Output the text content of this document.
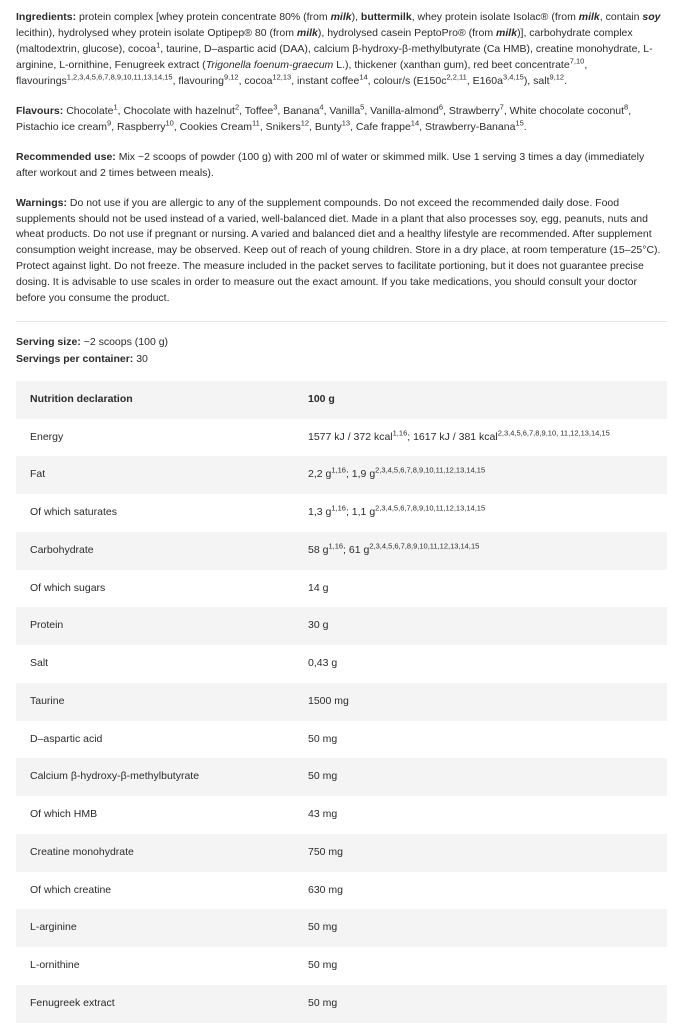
Ingredients: protein complex [whey protein concentrate 80% (from milk), buttermilk, whey protein isolate Isolac® (from milk, contain soy lecithin), hydrolysed whey protein isolate Optipep® 80 (from milk), hydrolysed casein PeptoPro® (from milk)], carbohydrate complex (maltodextrin, glucose), cocoa$^1$, taurine, D–aspartic acid (DAA), calcium β-hydroxy-β-methylbutyrate (Ca HMB), creatine monohydrate, L-arginine, L-ornithine, Fenugreek extract (Trigonella foenum-graecum L.), thickener (xanthan gum), red beet concentrate$^{7,10}$, flavourings$^{1,2,3,4,5,6,7,8,9,10,11,13,14,15}$, flavouring$^{9,12}$, cocoa$^{12,13}$, instant coffee$^{14}$, colour/s ($E150c^{2,2,11}$, $E160a^{3,4,15}$), salt$^{9,12}$.

Flavours: Chocolate$^1$, Chocolate with hazelnut$^2$, Toffee$^3$, Banana$^4$, Vanilla$^5$, Vanilla-almond$^6$, Strawberry$^7$, White chocolate coconut$^8$, Pistachio ice cream$^9$, Raspberry$^{10}$, Cookies Cream$^{11}$, Snikers$^{12}$, Bunty$^{13}$, Cafe frappe$^{14}$, Strawberry-Banana$^{15}$.

Recommended use: Mix ~2 scoops of powder (100 g) with 200 ml of water or skimmed milk. Use 1 serving 3 times a day (immediately after workout and 2 times between meals).

Warnings: Do not use if you are allergic to any of the supplement compounds. Do not exceed the recommended daily dose. Food supplements should not be used instead of a varied, well-balanced diet. Made in a plant that also processes soy, egg, peanuts, nuts and wheat products. Do not use if pregnant or nursing. A varied and balanced diet and a healthy lifestyle are recommended. After supplement consumption weight increase, may be observed. Keep out of reach of young children. Store in a dry place, at room temperature (15–25°C). Protect against light. Do not freeze. The measure included in the packet serves to facilitate portioning, but it does not guarantee precise dosing. It is advisable to use scales in order to measure out the exact amount. If you take medications, you should consult your doctor before you consume the product.

Serving size: ~2 scoops (100 g)
Servings per container: 30
Nutrition declaration	100 g
Energy	1577 kJ / 372 kcal$^{1,16}$; 1617 kJ / 381 kcal$^{2,3,4,5,6,7,8,9,10, 11,12,13,14,15}$
Fat	2,2 $g^{1,16}$; 1,9 $g^{2,3,4,5,6,7,8,9,10,11,12,13,14,15}$
Of which saturates	1,3 $g^{1,16}$; 1,1 $g^{2,3,4,5,6,7,8,9,10,11,12,13,14,15}$
Carbohydrate	58 $g^{1,16}$; 61 $g^{2,3,4,5,6,7,8,9,10,11,12,13,14,15}$
Of which sugars	14 g
Protein	30 g
Salt	0,43 g
Taurine	1500 mg
D–aspartic acid	50 mg
Calcium β-hydroxy-β-methylbutyrate	50 mg
Of which HMB	43 mg
Creatine monohydrate	750 mg
Of which creatine	630 mg
L-arginine	50 mg
L-ornithine	50 mg
Fenugreek extract	50 mg
